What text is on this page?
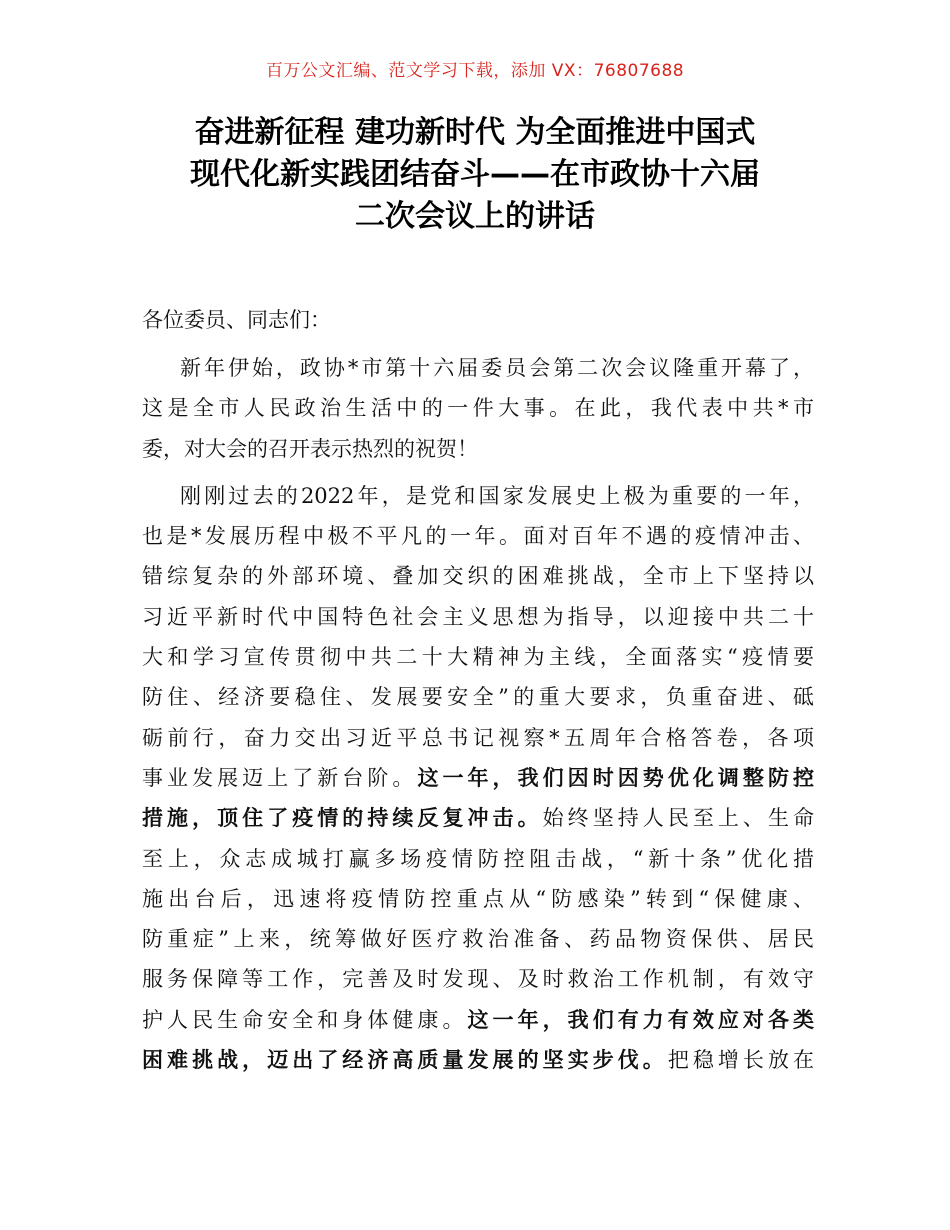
百万公文汇编、范文学习下载，添加 VX：76807688
奋进新征程 建功新时代 为全面推进中国式
现代化新实践团结奋斗——在市政协十六届
二次会议上的讲话
各位委员、同志们：
新年伊始，政协*市第十六届委员会第二次会议隆重开幕了，
这是全市人民政治生活中的一件大事。在此，我代表中共*市
委，对大会的召开表示热烈的祝贺！
刚刚过去的2022年，是党和国家发展史上极为重要的一年，
也是*发展历程中极不平凡的一年。面对百年不遇的疫情冲击、
错综复杂的外部环境、叠加交织的困难挑战，全市上下坚持以
习近平新时代中国特色社会主义思想为指导，以迎接中共二十
大和学习宣传贯彻中共二十大精神为主线，全面落实“疫情要
防住、经济要稳住、发展要安全”的重大要求，负重奋进、砥
砺前行，奋力交出习近平总书记视察*五周年合格答卷，各项
事业发展迈上了新台阶。这一年，我们因时因势优化调整防控
措施，顶住了疫情的持续反复冲击。始终坚持人民至上、生命
至上，众志成城打赢多场疫情防控阻击战，“新十条”优化措
施出台后，迅速将疫情防控重点从“防感染”转到“保健康、
防重症”上来，统筹做好医疗救治准备、药品物资保供、居民
服务保障等工作，完善及时发现、及时救治工作机制，有效守
护人民生命安全和身体健康。这一年，我们有力有效应对各类
困难挑战，迈出了经济高质量发展的坚实步伐。把稳增长放在
